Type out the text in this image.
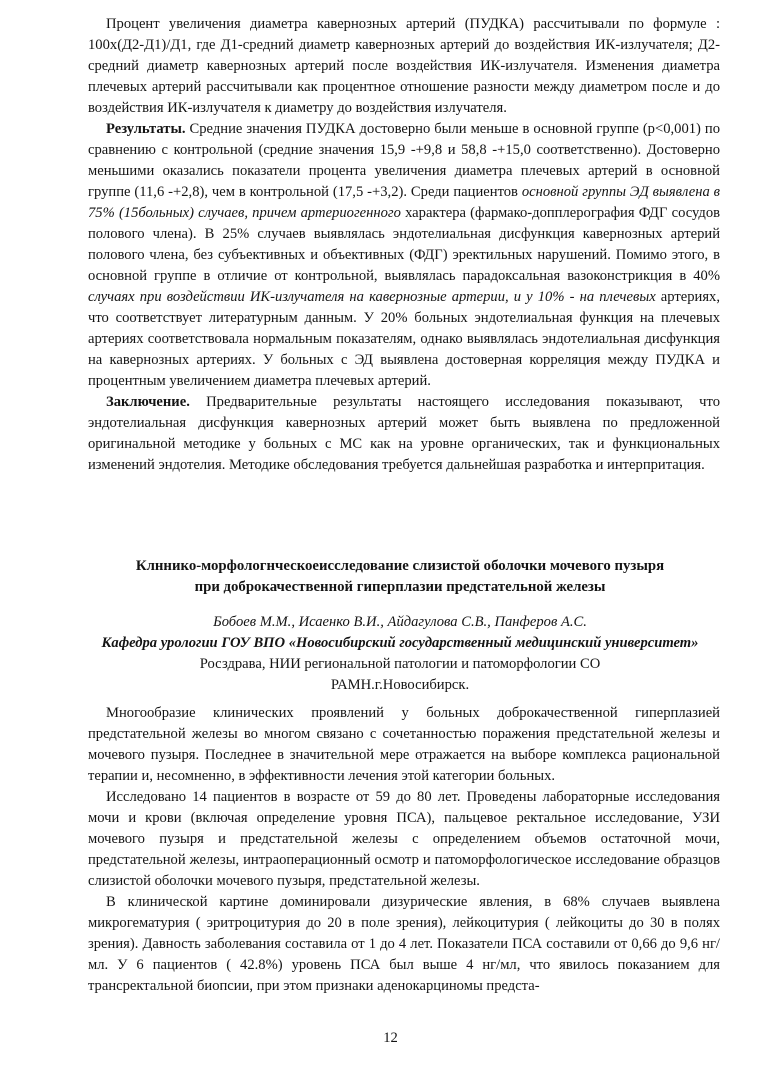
Процент увеличения диаметра кавернозных артерий (ПУДКА) рассчитывали по формуле : 100х(Д2-Д1)/Д1, где Д1-средний диаметр кавернозных артерий до воздействия ИК-излучателя; Д2-средний диаметр кавернозных артерий после воздействия ИК-излучателя. Изменения диаметра плечевых артерий рассчитывали как процентное отношение разности между диаметром после и до воздействия ИК-излучателя к диаметру до воздействия излучателя.

Результаты. Средние значения ПУДКА достоверно были меньше в основной группе (р<0,001) по сравнению с контрольной (средние значения 15,9 -+9,8 и 58,8 -+15,0 соответственно). Достоверно меньшими оказались показатели процента увеличения диаметра плечевых артерий в основной группе (11,6 -+2,8), чем в контрольной (17,5 -+3,2). Среди пациентов основной группы ЭД выявлена в 75% (15больных) случаев, причем артериогенного характера (фармако-допплерография ФДГ сосудов полового члена). В 25% случаев выявлялась эндотелиальная дисфункция кавернозных артерий полового члена, без субъективных и объективных (ФДГ) эректильных нарушений. Помимо этого, в основной группе в отличие от контрольной, выявлялась парадоксальная вазоконстрикция в 40% случаях при воздействии ИК-излучателя на кавернозные артерии, и у 10% - на плечевых артериях, что соответствует литературным данным. У 20% больных эндотелиальная функция на плечевых артериях соответствовала нормальным показателям, однако выявлялась эндотелиальная дисфункция на кавернозных артериях. У больных с ЭД выявлена достоверная корреляция между ПУДКА и процентным увеличением диаметра плечевых артерий.

Заключение. Предварительные результаты настоящего исследования показывают, что эндотелиальная дисфункция кавернозных артерий может быть выявлена по предложенной оригинальной методике у больных с МС как на уровне органических, так и функциональных изменений эндотелия. Методике обследования требуется дальнейшая разработка и интерпритация.

Клннико-морфологнческоеисследование слизистой оболочки мочевого пузыря
при доброкачественной гиперплазии предстательной железы
Бобоев М.М., Исаенко В.И., Айдагулова С.В., Панферов А.С.
Кафедра урологии ГОУ ВПО «Новосибирский государственный медицинский университет» Росздрава, НИИ региональной патологии и патоморфологии СО
РАМН.г.Новосибирск.

Многообразие клинических проявлений у больных доброкачественной гиперплазией предстательной железы во многом связано с сочетанностью поражения предстательной железы и мочевого пузыря. Последнее в значительной мере отражается на выборе комплекса рациональной терапии и, несомненно, в эффективности лечения этой категории больных.

Исследовано 14 пациентов в возрасте от 59 до 80 лет. Проведены лабораторные исследования мочи и крови (включая определение уровня ПСА), пальцевое ректальное исследование, УЗИ мочевого пузыря и предстательной железы с определением объемов остаточной мочи, предстательной железы, интраоперационный осмотр и патоморфологическое исследование образцов слизистой оболочки мочевого пузыря, предстательной железы.

В клинической картине доминировали дизурические явления, в 68% случаев выявлена микрогематурия ( эритроцитурия до 20 в поле зрения), лейкоцитурия ( лейкоциты до 30 в полях зрения). Давность заболевания составила от 1 до 4 лет. Показатели ПСА составили от 0,66 до 9,6 нг/мл. У 6 пациентов ( 42.8%) уровень ПСА был выше 4 нг/мл, что явилось показанием для трансректальной биопсии, при этом признаки аденокарциномы предста-

12
